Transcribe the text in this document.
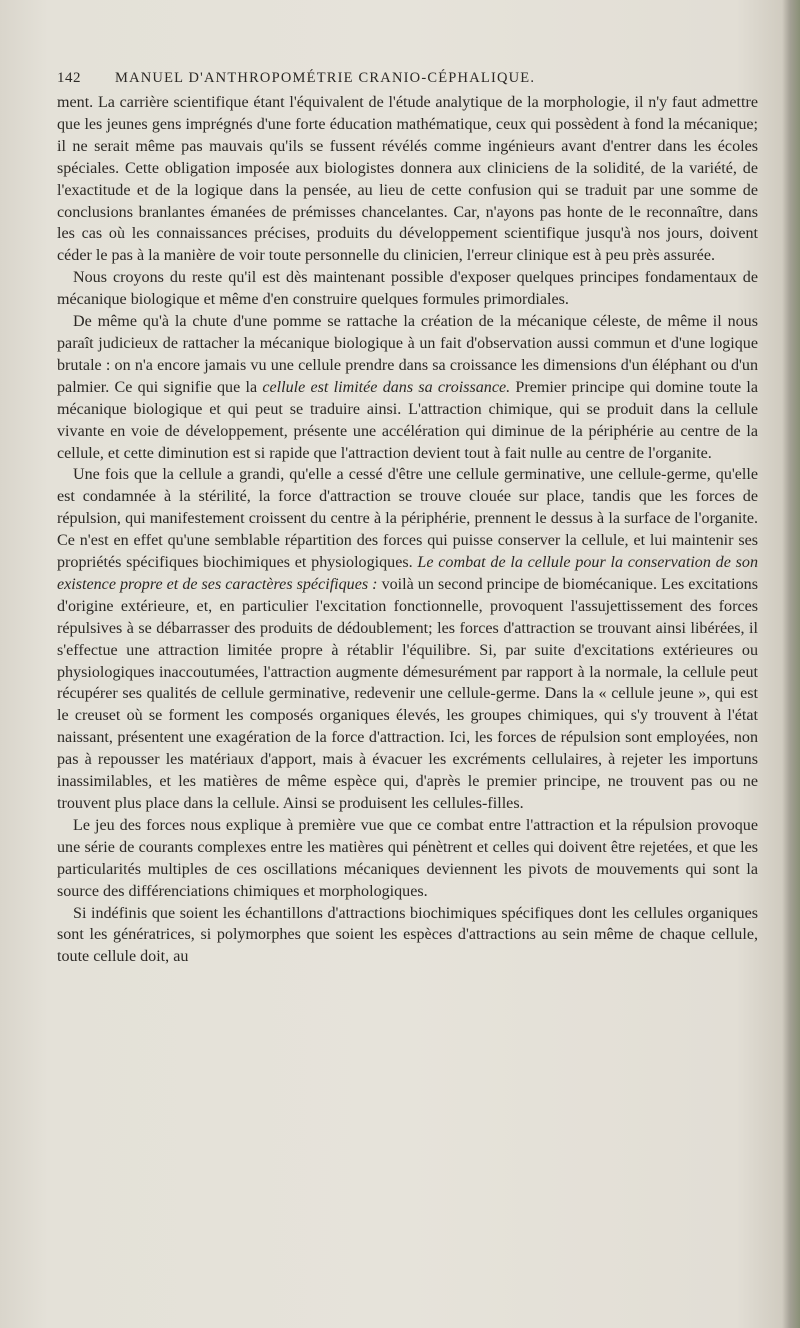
142 MANUEL D'ANTHROPOMÉTRIE CRANIO-CÉPHALIQUE.

ment. La carrière scientifique étant l'équivalent de l'étude analytique de la morphologie, il n'y faut admettre que les jeunes gens imprégnés d'une forte éducation mathématique, ceux qui possèdent à fond la mécanique; il ne serait même pas mauvais qu'ils se fussent révélés comme ingénieurs avant d'entrer dans les écoles spéciales. Cette obligation imposée aux biologistes donnera aux cliniciens de la solidité, de la variété, de l'exactitude et de la logique dans la pensée, au lieu de cette confusion qui se traduit par une somme de conclusions branlantes émanées de prémisses chancelantes. Car, n'ayons pas honte de le reconnaître, dans les cas où les connaissances précises, produits du développement scientifique jusqu'à nos jours, doivent céder le pas à la manière de voir toute personnelle du clinicien, l'erreur clinique est à peu près assurée.

Nous croyons du reste qu'il est dès maintenant possible d'exposer quelques principes fondamentaux de mécanique biologique et même d'en construire quelques formules primordiales.

De même qu'à la chute d'une pomme se rattache la création de la mécanique céleste, de même il nous paraît judicieux de rattacher la mécanique biologique à un fait d'observation aussi commun et d'une logique brutale : on n'a encore jamais vu une cellule prendre dans sa croissance les dimensions d'un éléphant ou d'un palmier. Ce qui signifie que la cellule est limitée dans sa croissance. Premier principe qui domine toute la mécanique biologique et qui peut se traduire ainsi. L'attraction chimique, qui se produit dans la cellule vivante en voie de développement, présente une accélération qui diminue de la périphérie au centre de la cellule, et cette diminution est si rapide que l'attraction devient tout à fait nulle au centre de l'organite.

Une fois que la cellule a grandi, qu'elle a cessé d'être une cellule germinative, une cellule-germe, qu'elle est condamnée à la stérilité, la force d'attraction se trouve clouée sur place, tandis que les forces de répulsion, qui manifestement croissent du centre à la périphérie, prennent le dessus à la surface de l'organite. Ce n'est en effet qu'une semblable répartition des forces qui puisse conserver la cellule, et lui maintenir ses propriétés spécifiques biochimiques et physiologiques. Le combat de la cellule pour la conservation de son existence propre et de ses caractères spécifiques : voilà un second principe de biomécanique. Les excitations d'origine extérieure, et, en particulier l'excitation fonctionnelle, provoquent l'assujettissement des forces répulsives à se débarrasser des produits de dédoublement; les forces d'attraction se trouvant ainsi libérées, il s'effectue une attraction limitée propre à rétablir l'équilibre. Si, par suite d'excitations extérieures ou physiologiques inaccoutumées, l'attraction augmente démesurément par rapport à la normale, la cellule peut récupérer ses qualités de cellule germinative, redevenir une cellule-germe. Dans la « cellule jeune », qui est le creuset où se forment les composés organiques élevés, les groupes chimiques, qui s'y trouvent à l'état naissant, présentent une exagération de la force d'attraction. Ici, les forces de répulsion sont employées, non pas à repousser les matériaux d'apport, mais à évacuer les excréments cellulaires, à rejeter les importuns inassimilables, et les matières de même espèce qui, d'après le premier principe, ne trouvent pas ou ne trouvent plus place dans la cellule. Ainsi se produisent les cellules-filles.

Le jeu des forces nous explique à première vue que ce combat entre l'attraction et la répulsion provoque une série de courants complexes entre les matières qui pénètrent et celles qui doivent être rejetées, et que les particularités multiples de ces oscillations mécaniques deviennent les pivots de mouvements qui sont la source des différenciations chimiques et morphologiques.

Si indéfinis que soient les échantillons d'attractions biochimiques spécifiques dont les cellules organiques sont les génératrices, si polymorphes que soient les espèces d'attractions au sein même de chaque cellule, toute cellule doit, au
